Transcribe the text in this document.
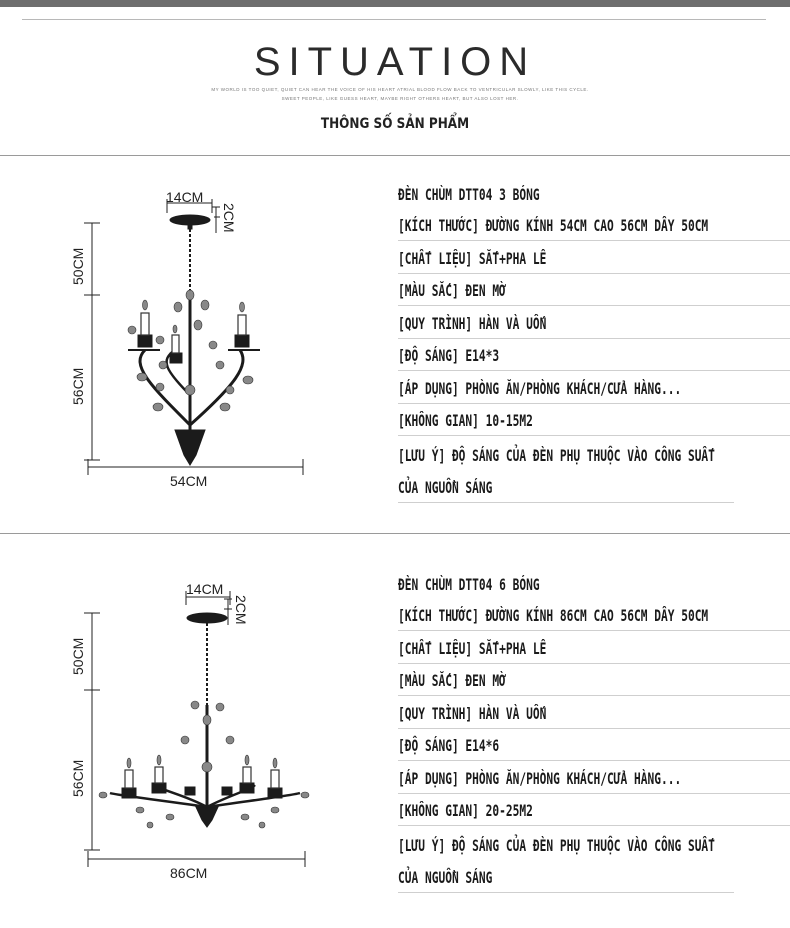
SITUATION
MY WORLD IS TOO QUIET, QUIET CAN HEAR THE VOICE OF HIS HEART ATRIAL BLOOD FLOW BACK TO VENTRICULAR SLOWLY, LIKE THIS CYCLE.
SWEET PEOPLE, LIKE GUESS HEART, MAYBE RIGHT OTHERS HEART, BUT ALSO LOST HER.
THÔNG SỐ SẢN PHẨM
14CM
2CM
50CM
56CM
54CM
ĐÈN CHÙM DTT04 3 BÓNG
[KÍCH THƯỚC] ĐƯỜNG KÍNH 54CM CAO 56CM DÂY 50CM
[CHẤT LIỆU] SẮT+PHA LÊ
[MÀU SẮC] ĐEN MỜ
[QUY TRÌNH] HÀN VÀ UỐN
[ĐỘ SÁNG] E14*3
[ÁP DỤNG] PHÒNG ĂN/PHÒNG KHÁCH/CỬA HÀNG...
[KHÔNG GIAN] 10-15M2
[LƯU Ý] ĐỘ SÁNG CỦA ĐÈN PHỤ THUỘC VÀO CÔNG SUẤT
CỦA NGUỒN SÁNG
14CM
2CM
50CM
56CM
86CM
ĐÈN CHÙM DTT04 6 BÓNG
[KÍCH THƯỚC] ĐƯỜNG KÍNH 86CM CAO 56CM DÂY 50CM
[CHẤT LIỆU] SẮT+PHA LÊ
[MÀU SẮC] ĐEN MỜ
[QUY TRÌNH] HÀN VÀ UỐN
[ĐỘ SÁNG] E14*6
[ÁP DỤNG] PHÒNG ĂN/PHÒNG KHÁCH/CỬA HÀNG...
[KHÔNG GIAN] 20-25M2
[LƯU Ý] ĐỘ SÁNG CỦA ĐÈN PHỤ THUỘC VÀO CÔNG SUẤT
CỦA NGUỒN SÁNG
